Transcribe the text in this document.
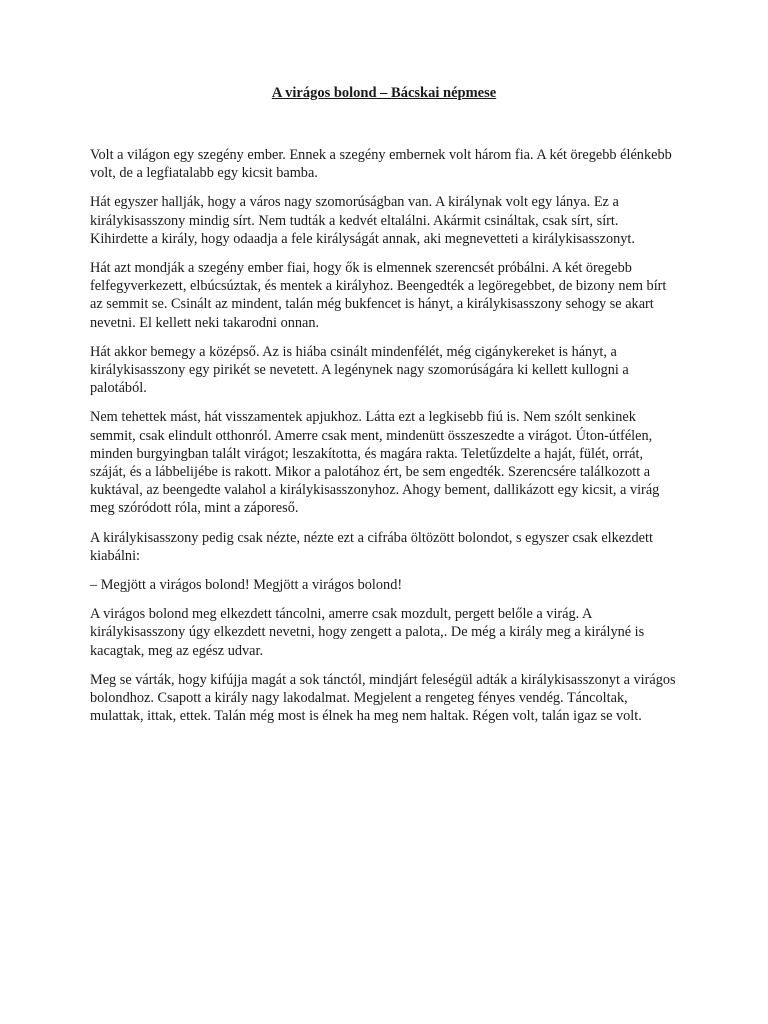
A virágos bolond – Bácskai népmese

Volt a világon egy szegény ember. Ennek a szegény embernek volt három fia. A két öregebb élénkebb volt, de a legfiatalabb egy kicsit bamba.

Hát egyszer hallják, hogy a város nagy szomorúságban van. A királynak volt egy lánya. Ez a királykisasszony mindig sírt. Nem tudták a kedvét eltalálni. Akármit csináltak, csak sírt, sírt. Kihirdette a király, hogy odaadja a fele királyságát annak, aki megnevetteti a királykisasszonyt.

Hát azt mondják a szegény ember fiai, hogy ők is elmennek szerencsét próbálni. A két öregebb felfegyverkezett, elbúcsúztak, és mentek a királyhoz. Beengedték a legöregebbet, de bizony nem bírt az semmit se. Csinált az mindent, talán még bukfencet is hányt, a királykisasszony sehogy se akart nevetni. El kellett neki takarodni onnan.

Hát akkor bemegy a középső. Az is hiába csinált mindenfélét, még cigánykereket is hányt, a királykisasszony egy pirikét se nevetett. A legénynek nagy szomorúságára ki kellett kullogni a palotából.

Nem tehettek mást, hát visszamentek apjukhoz. Látta ezt a legkisebb fiú is. Nem szólt senkinek semmit, csak elindult otthonról. Amerre csak ment, mindenütt összeszedte a virágot. Úton-útfélen, minden burgyingban talált virágot; leszakította, és magára rakta. Teletűzdelte a haját, fülét, orrát, száját, és a lábbelijébe is rakott. Mikor a palotához ért, be sem engedték. Szerencsére találkozott a kuktával, az beengedte valahol a királykisasszonyhoz. Ahogy bement, dallikázott egy kicsit, a virág meg szóródott róla, mint a záporeső.

A királykisasszony pedig csak nézte, nézte ezt a cifrába öltözött bolondot, s egyszer csak elkezdett kiabálni:

– Megjött a virágos bolond! Megjött a virágos bolond!

A virágos bolond meg elkezdett táncolni, amerre csak mozdult, pergett belőle a virág. A királykisasszony úgy elkezdett nevetni, hogy zengett a palota,. De még a király meg a királyné is kacagtak, meg az egész udvar.

Meg se várták, hogy kifújja magát a sok tánctól, mindjárt feleségül adták a királykisasszonyt a virágos bolondhoz. Csapott a király nagy lakodalmat. Megjelent a rengeteg fényes vendég. Táncoltak, mulattak, ittak, ettek. Talán még most is élnek ha meg nem haltak. Régen volt, talán igaz se volt.
